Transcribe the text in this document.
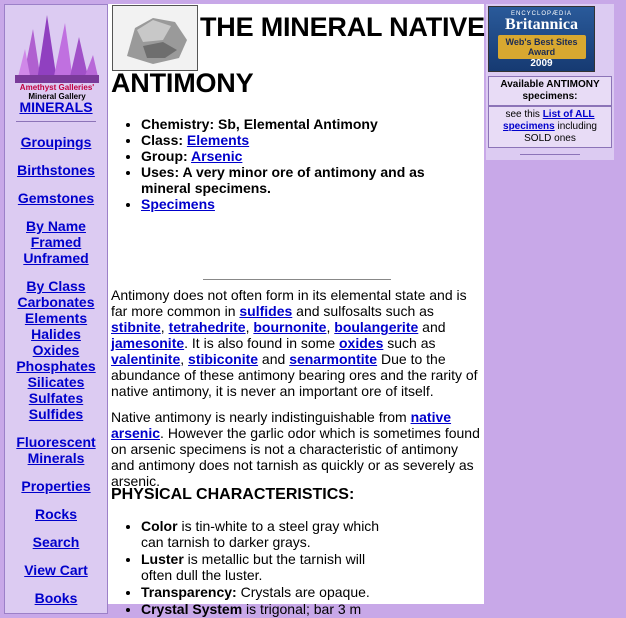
Amethyst Galleries'
Mineral Gallery
MINERALS
Groupings
Birthstones
Gemstones
By Name
Framed
Unframed
By Class
Carbonates
Elements
Halides
Oxides
Phosphates
Silicates
Sulfates
Sulfides
Fluorescent
Minerals
Properties
Rocks
Search
View Cart
Books
THE MINERAL NATIVE
ANTIMONY
• Chemistry: Sb, Elemental Antimony
• Class: Elements
• Group: Arsenic
• Uses: A very minor ore of antimony and as mineral specimens.
• Specimens

Antimony does not often form in its elemental state and is far more common in sulfides and sulfosalts such as stibnite, tetrahedrite, bournonite, boulangerite and jamesonite. It is also found in some oxides such as valentinite, stibiconite and senarmontite Due to the abundance of these antimony bearing ores and the rarity of native antimony, it is never an important ore of itself.

Native antimony is nearly indistinguishable from native arsenic. However the garlic odor which is sometimes found on arsenic specimens is not a characteristic of antimony and antimony does not tarnish as quickly or as severely as arsenic.

PHYSICAL CHARACTERISTICS:
• Color is tin-white to a steel gray which can tarnish to darker grays.
• Luster is metallic but the tarnish will often dull the luster.
• Transparency: Crystals are opaque.
• Crystal System is trigonal; bar 3 m
ENCYCLOPÆDIA
Britannica
Web's Best Sites Award
2009
Available ANTIMONY specimens:
see this List of ALL specimens including SOLD ones
